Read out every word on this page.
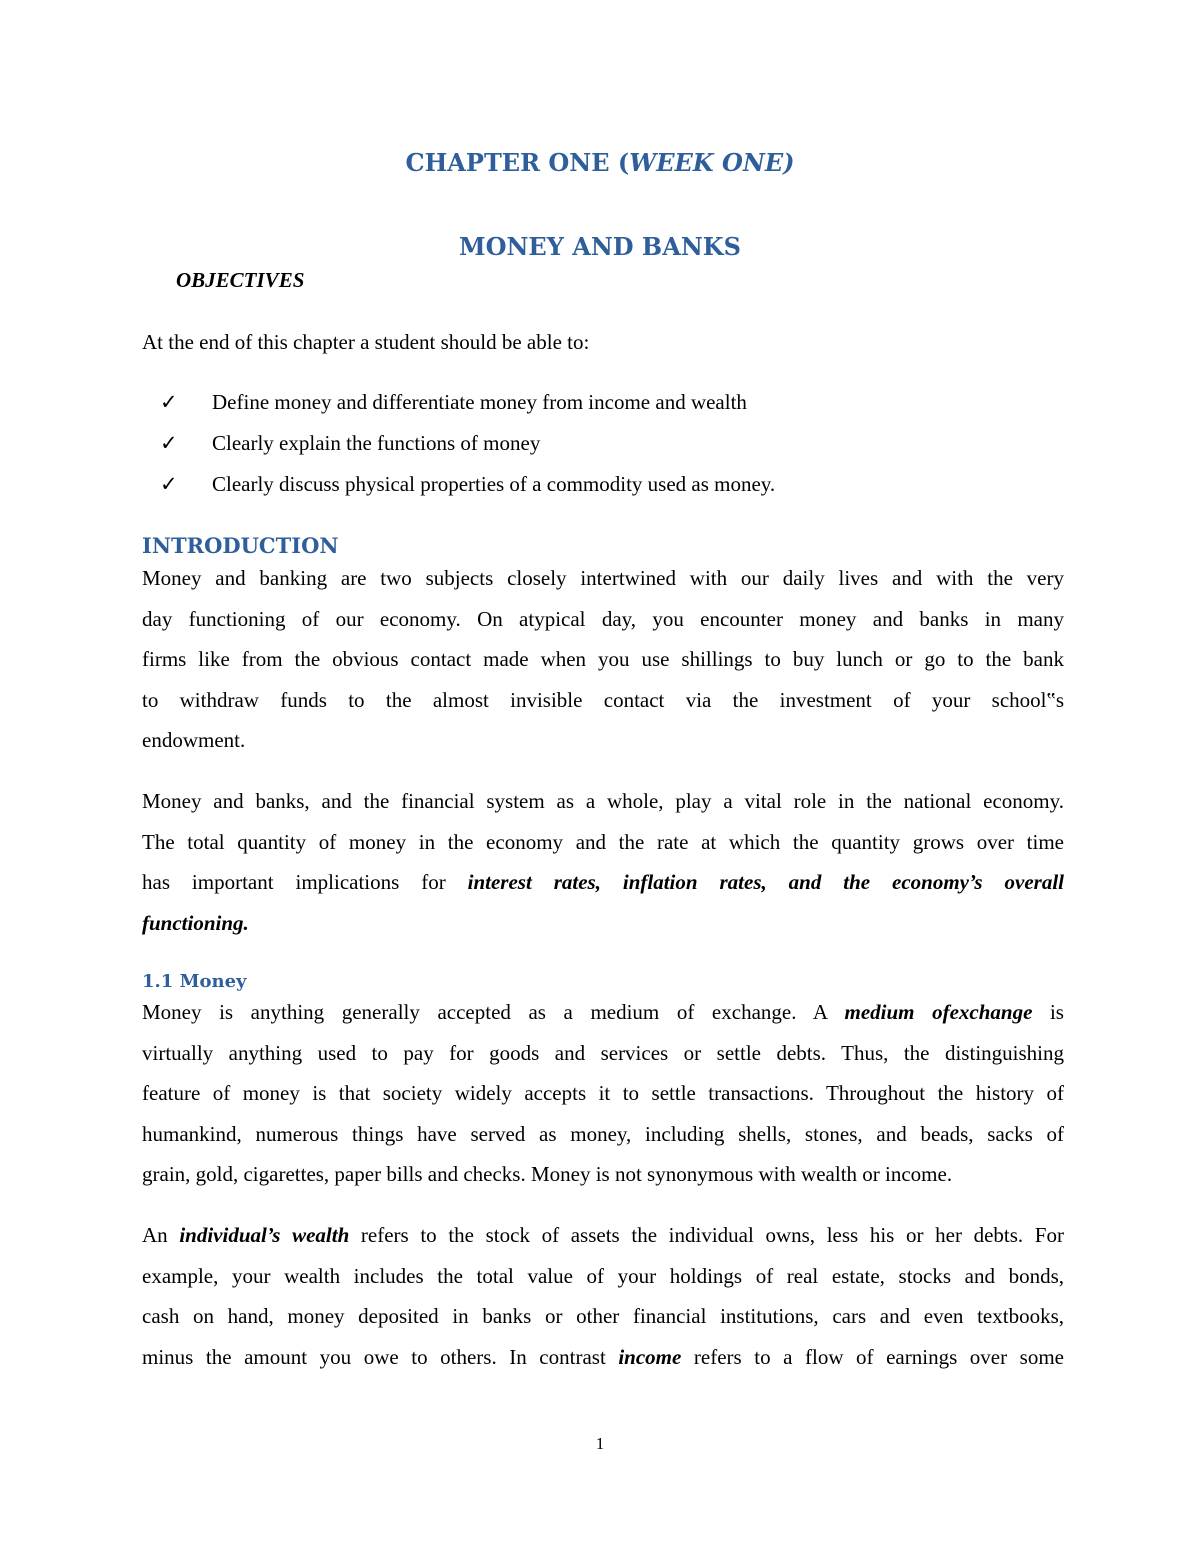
CHAPTER ONE (WEEK ONE)
MONEY AND BANKS
OBJECTIVES

At the end of this chapter a student should be able to:

✓ Define money and differentiate money from income and wealth
✓ Clearly explain the functions of money
✓ Clearly discuss physical properties of a commodity used as money.
INTRODUCTION
Money and banking are two subjects closely intertwined with our daily lives and with the very
day functioning of our economy. On atypical day, you encounter money and banks in many
firms like from the obvious contact made when you use shillings to buy lunch or go to the bank
to withdraw funds to the almost invisible contact via the investment of your school‟s
endowment.
Money and banks, and the financial system as a whole, play a vital role in the national economy.
The total quantity of money in the economy and the rate at which the quantity grows over time
has important implications for interest rates, inflation rates, and the economy’s overall
functioning.
1.1 Money
Money is anything generally accepted as a medium of exchange. A medium ofexchange is
virtually anything used to pay for goods and services or settle debts. Thus, the distinguishing
feature of money is that society widely accepts it to settle transactions. Throughout the history of
humankind, numerous things have served as money, including shells, stones, and beads, sacks of
grain, gold, cigarettes, paper bills and checks. Money is not synonymous with wealth or income.
An individual’s wealth refers to the stock of assets the individual owns, less his or her debts. For
example, your wealth includes the total value of your holdings of real estate, stocks and bonds,
cash on hand, money deposited in banks or other financial institutions, cars and even textbooks,
minus the amount you owe to others. In contrast income refers to a flow of earnings over some
1
